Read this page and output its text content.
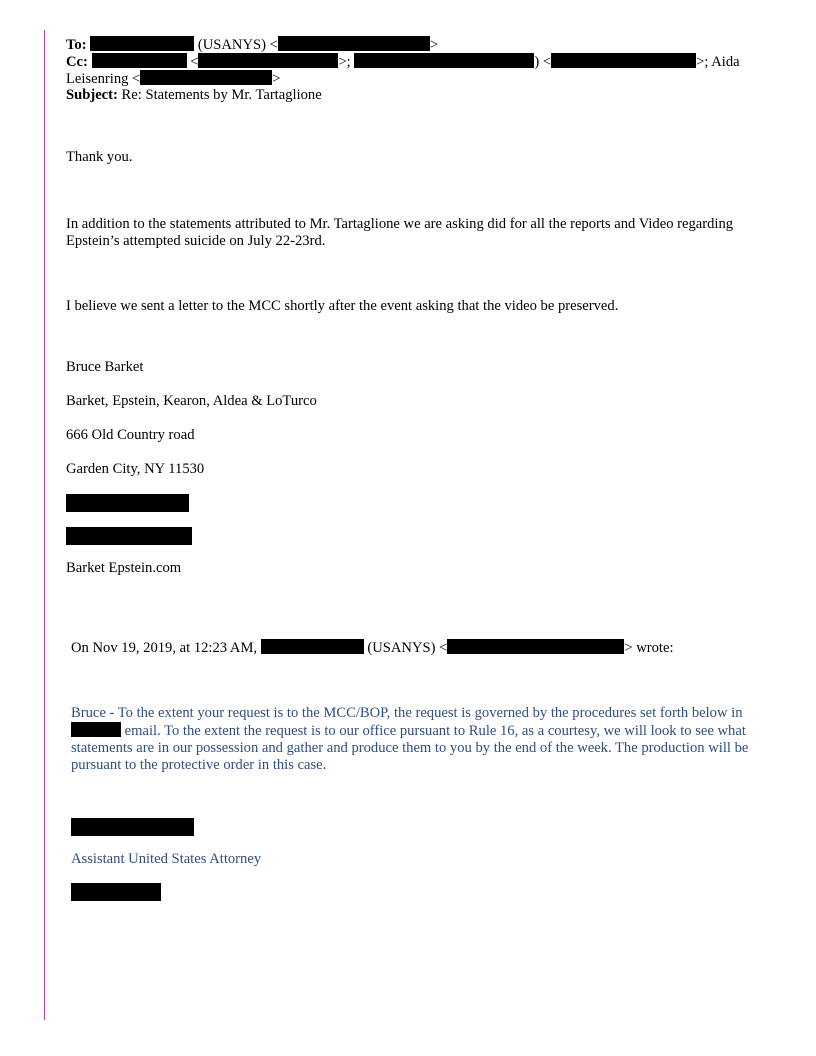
To:	(USANYS) <	>

Cc:	<	>;	) <	>; Aida

Leisenring <	>

Subject: Re: Statements by Mr. Tartaglione

Thank you.

In addition to the statements attributed to Mr. Tartaglione we are asking did for all the reports and Video regarding Epstein’s attempted suicide on July 22-23rd.

I believe we sent a letter to the MCC shortly after the event asking that the video be preserved.

Bruce Barket

Barket, Epstein, Kearon, Aldea & LoTurco

666 Old Country road

Garden City, NY 11530

Barket Epstein.com

On Nov 19, 2019, at 12:23 AM,	(USANYS) <	> wrote:

Bruce - To the extent your request is to the MCC/BOP, the request is governed by the procedures set forth below in  email. To the extent the request is to our office pursuant to Rule 16, as a courtesy, we will look to see what statements are in our possession and gather and produce them to you by the end of the week. The production will be pursuant to the protective order in this case.

Assistant United States Attorney
